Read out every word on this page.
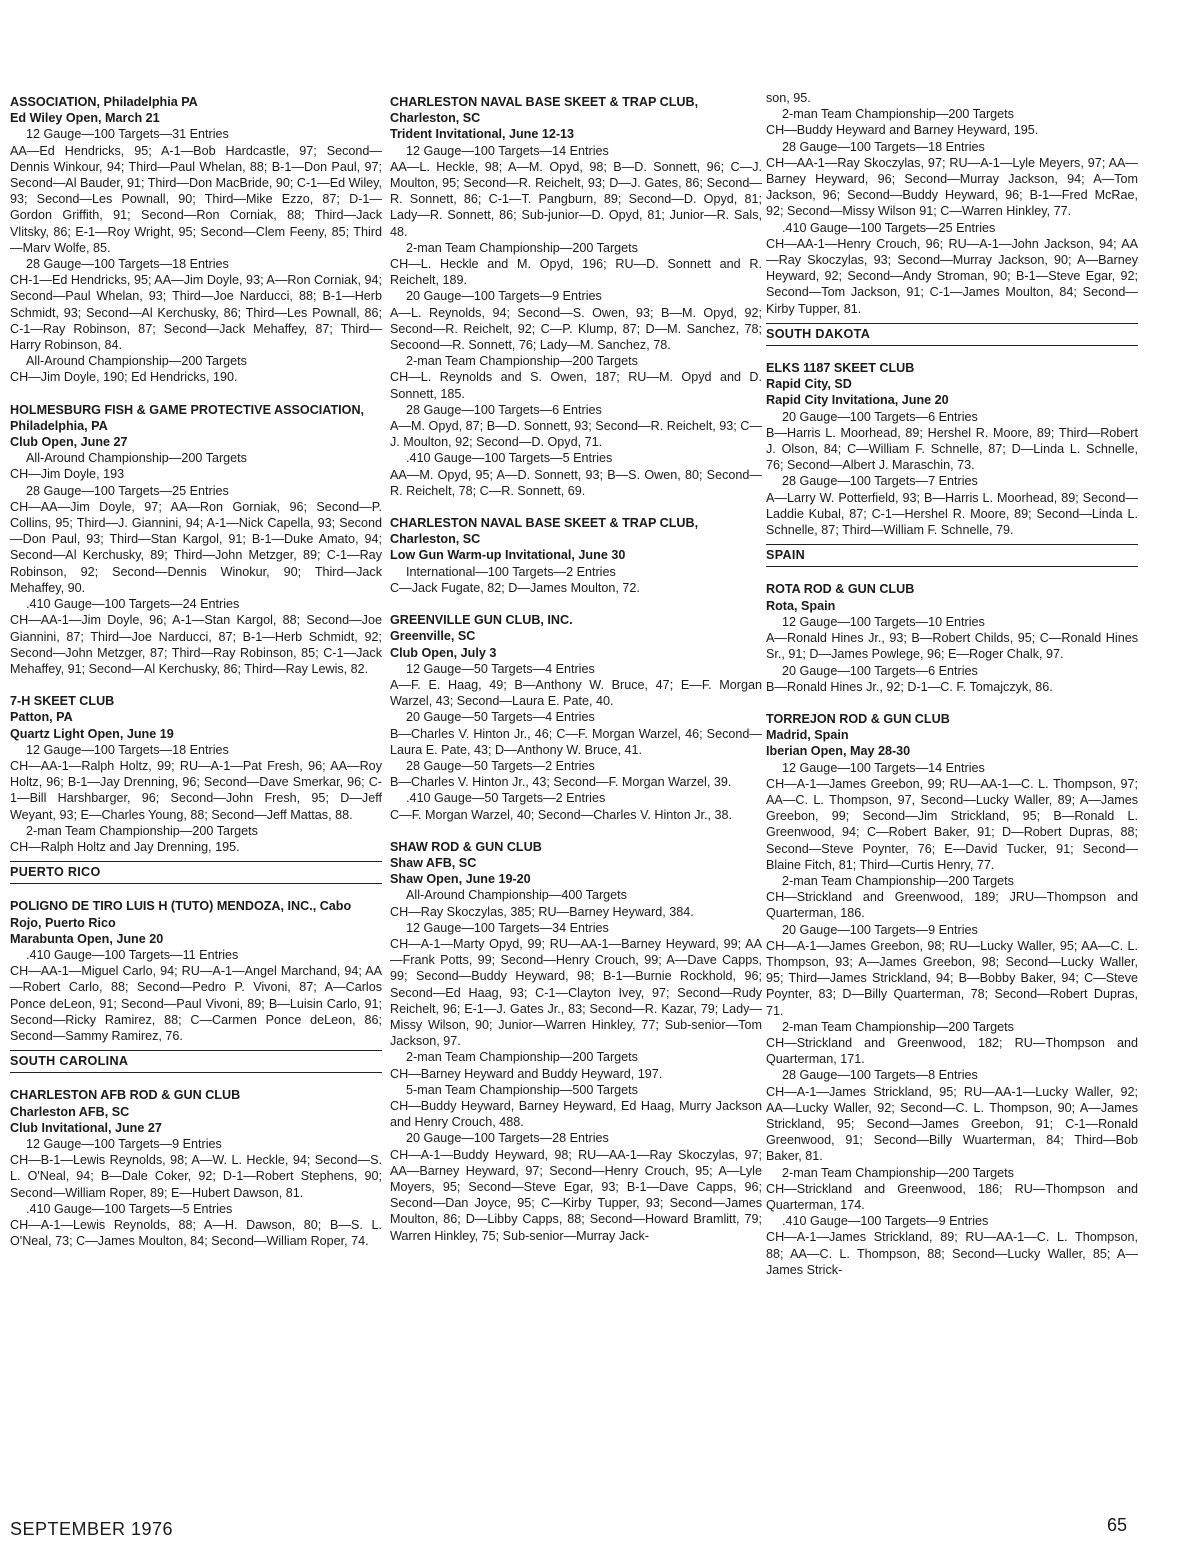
ASSOCIATION, Philadelphia PA

Ed Wiley Open, March 21

12 Gauge—100 Targets—31 Entries

AA—Ed Hendricks, 95; A-1—Bob Hardcastle, 97; Second—Dennis Winkour, 94; Third—Paul Whelan, 88; B-1—Don Paul, 97; Second—Al Bauder, 91; Third—Don MacBride, 90; C-1—Ed Wiley, 93; Second—Les Pownall, 90; Third—Mike Ezzo, 87; D-1—Gordon Griffith, 91; Second—Ron Corniak, 88; Third—Jack Vlitsky, 86; E-1—Roy Wright, 95; Second—Clem Feeny, 85; Third—Marv Wolfe, 85.

28 Gauge—100 Targets—18 Entries

CH-1—Ed Hendricks, 95; AA—Jim Doyle, 93; A—Ron Corniak, 94; Second—Paul Whelan, 93; Third—Joe Narducci, 88; B-1—Herb Schmidt, 93; Second—Al Kerchusky, 86; Third—Les Pownall, 86; C-1—Ray Robinson, 87; Second—Jack Mehaffey, 87; Third—Harry Robinson, 84.

All-Around Championship—200 Targets

CH—Jim Doyle, 190; Ed Hendricks, 190.

HOLMESBURG FISH & GAME PROTECTIVE ASSOCIATION, Philadelphia, PA

Club Open, June 27

All-Around Championship—200 Targets

CH—Jim Doyle, 193

28 Gauge—100 Targets—25 Entries

CH—AA—Jim Doyle, 97; AA—Ron Gorniak, 96; Second—P. Collins, 95; Third—J. Giannini, 94; A-1—Nick Capella, 93; Second—Don Paul, 93; Third—Stan Kargol, 91; B-1—Duke Amato, 94; Second—Al Kerchusky, 89; Third—John Metzger, 89; C-1—Ray Robinson, 92; Second—Dennis Winokur, 90; Third—Jack Mehaffey, 90.

.410 Gauge—100 Targets—24 Entries

CH—AA-1—Jim Doyle, 96; A-1—Stan Kargol, 88; Second—Joe Giannini, 87; Third—Joe Narducci, 87; B-1—Herb Schmidt, 92; Second—John Metzger, 87; Third—Ray Robinson, 85; C-1—Jack Mehaffey, 91; Second—Al Kerchusky, 86; Third—Ray Lewis, 82.

7-H SKEET CLUB

Patton, PA

Quartz Light Open, June 19

12 Gauge—100 Targets—18 Entries

CH—AA-1—Ralph Holtz, 99; RU—A-1—Pat Fresh, 96; AA—Roy Holtz, 96; B-1—Jay Drenning, 96; Second—Dave Smerkar, 96; C-1—Bill Harshbarger, 96; Second—John Fresh, 95; D—Jeff Weyant, 93; E—Charles Young, 88; Second—Jeff Mattas, 88.

2-man Team Championship—200 Targets

CH—Ralph Holtz and Jay Drenning, 195.

PUERTO RICO

POLIGNO DE TIRO LUIS H (TUTO) MENDOZA, INC., Cabo Rojo, Puerto Rico

Marabunta Open, June 20

.410 Gauge—100 Targets—11 Entries

CH—AA-1—Miguel Carlo, 94; RU—A-1—Angel Marchand, 94; AA—Robert Carlo, 88; Second—Pedro P. Vivoni, 87; A—Carlos Ponce deLeon, 91; Second—Paul Vivoni, 89; B—Luisin Carlo, 91; Second—Ricky Ramirez, 88; C—Carmen Ponce deLeon, 86; Second—Sammy Ramirez, 76.

SOUTH CAROLINA

CHARLESTON AFB ROD & GUN CLUB

Charleston AFB, SC

Club Invitational, June 27

12 Gauge—100 Targets—9 Entries

CH—B-1—Lewis Reynolds, 98; A—W. L. Heckle, 94; Second—S. L. O'Neal, 94; B—Dale Coker, 92; D-1—Robert Stephens, 90; Second—William Roper, 89; E—Hubert Dawson, 81.

.410 Gauge—100 Targets—5 Entries

CH—A-1—Lewis Reynolds, 88; A—H. Dawson, 80; B—S. L. O'Neal, 73; C—James Moulton, 84; Second—William Roper, 74.

CHARLESTON NAVAL BASE SKEET & TRAP CLUB, Charleston, SC

Trident Invitational, June 12-13

12 Gauge—100 Targets—14 Entries

AA—L. Heckle, 98; A—M. Opyd, 98; B—D. Sonnett, 96; C—J. Moulton, 95; Second—R. Reichelt, 93; D—J. Gates, 86; Second—R. Sonnett, 86; C-1—T. Pangburn, 89; Second—D. Opyd, 81; Lady—R. Sonnett, 86; Sub-junior—D. Opyd, 81; Junior—R. Sals, 48.

2-man Team Championship—200 Targets

CH—L. Heckle and M. Opyd, 196; RU—D. Sonnett and R. Reichelt, 189.

20 Gauge—100 Targets—9 Entries

A—L. Reynolds, 94; Second—S. Owen, 93; B—M. Opyd, 92; Second—R. Reichelt, 92; C—P. Klump, 87; D—M. Sanchez, 78; Secoond—R. Sonnett, 76; Lady—M. Sanchez, 78.

2-man Team Championship—200 Targets

CH—L. Reynolds and S. Owen, 187; RU—M. Opyd and D. Sonnett, 185.

28 Gauge—100 Targets—6 Entries

A—M. Opyd, 87; B—D. Sonnett, 93; Second—R. Reichelt, 93; C—J. Moulton, 92; Second—D. Opyd, 71.

.410 Gauge—100 Targets—5 Entries

AA—M. Opyd, 95; A—D. Sonnett, 93; B—S. Owen, 80; Second—R. Reichelt, 78; C—R. Sonnett, 69.

CHARLESTON NAVAL BASE SKEET & TRAP CLUB, Charleston, SC

Low Gun Warm-up Invitational, June 30

International—100 Targets—2 Entries

C—Jack Fugate, 82; D—James Moulton, 72.

GREENVILLE GUN CLUB, INC.

Greenville, SC

Club Open, July 3

12 Gauge—50 Targets—4 Entries

A—F. E. Haag, 49; B—Anthony W. Bruce, 47; E—F. Morgan Warzel, 43; Second—Laura E. Pate, 40.

20 Gauge—50 Targets—4 Entries

B—Charles V. Hinton Jr., 46; C—F. Morgan Warzel, 46; Second—Laura E. Pate, 43; D—Anthony W. Bruce, 41.

28 Gauge—50 Targets—2 Entries

B—Charles V. Hinton Jr., 43; Second—F. Morgan Warzel, 39.

.410 Gauge—50 Targets—2 Entries

C—F. Morgan Warzel, 40; Second—Charles V. Hinton Jr., 38.

SHAW ROD & GUN CLUB

Shaw AFB, SC

Shaw Open, June 19-20

All-Around Championship—400 Targets

CH—Ray Skoczylas, 385; RU—Barney Heyward, 384.

12 Gauge—100 Targets—34 Entries

CH—A-1—Marty Opyd, 99; RU—AA-1—Barney Heyward, 99; AA—Frank Potts, 99; Second—Henry Crouch, 99; A—Dave Capps, 99; Second—Buddy Heyward, 98; B-1—Burnie Rockhold, 96; Second—Ed Haag, 93; C-1—Clayton Ivey, 97; Second—Rudy Reichelt, 96; E-1—J. Gates Jr., 83; Second—R. Kazar, 79; Lady—Missy Wilson, 90; Junior—Warren Hinkley, 77; Sub-senior—Tom Jackson, 97.

2-man Team Championship—200 Targets

CH—Barney Heyward and Buddy Heyward, 197.

5-man Team Championship—500 Targets

CH—Buddy Heyward, Barney Heyward, Ed Haag, Murry Jackson and Henry Crouch, 488.

20 Gauge—100 Targets—28 Entries

CH—A-1—Buddy Heyward, 98; RU—AA-1—Ray Skoczylas, 97; AA—Barney Heyward, 97; Second—Henry Crouch, 95; A—Lyle Moyers, 95; Second—Steve Egar, 93; B-1—Dave Capps, 96; Second—Dan Joyce, 95; C—Kirby Tupper, 93; Second—James Moulton, 86; D—Libby Capps, 88; Second—Howard Bramlitt, 79; Warren Hinkley, 75; Sub-senior—Murray Jack-

son, 95.

2-man Team Championship—200 Targets

CH—Buddy Heyward and Barney Heyward, 195.

28 Gauge—100 Targets—18 Entries

CH—AA-1—Ray Skoczylas, 97; RU—A-1—Lyle Meyers, 97; AA—Barney Heyward, 96; Second—Murray Jackson, 94; A—Tom Jackson, 96; Second—Buddy Heyward, 96; B-1—Fred McRae, 92; Second—Missy Wilson 91; C—Warren Hinkley, 77.

.410 Gauge—100 Targets—25 Entries

CH—AA-1—Henry Crouch, 96; RU—A-1—John Jackson, 94; AA—Ray Skoczylas, 93; Second—Murray Jackson, 90; A—Barney Heyward, 92; Second—Andy Stroman, 90; B-1—Steve Egar, 92; Second—Tom Jackson, 91; C-1—James Moulton, 84; Second—Kirby Tupper, 81.

SOUTH DAKOTA

ELKS 1187 SKEET CLUB

Rapid City, SD

Rapid City Invitationa, June 20

20 Gauge—100 Targets—6 Entries

B—Harris L. Moorhead, 89; Hershel R. Moore, 89; Third—Robert J. Olson, 84; C—William F. Schnelle, 87; D—Linda L. Schnelle, 76; Second—Albert J. Maraschin, 73.

28 Gauge—100 Targets—7 Entries

A—Larry W. Potterfield, 93; B—Harris L. Moorhead, 89; Second—Laddie Kubal, 87; C-1—Hershel R. Moore, 89; Second—Linda L. Schnelle, 87; Third—William F. Schnelle, 79.

SPAIN

ROTA ROD & GUN CLUB

Rota, Spain

12 Gauge—100 Targets—10 Entries

A—Ronald Hines Jr., 93; B—Robert Childs, 95; C—Ronald Hines Sr., 91; D—James Powlege, 96; E—Roger Chalk, 97.

20 Gauge—100 Targets—6 Entries

B—Ronald Hines Jr., 92; D-1—C. F. Tomajczyk, 86.

TORREJON ROD & GUN CLUB

Madrid, Spain

Iberian Open, May 28-30

12 Gauge—100 Targets—14 Entries

CH—A-1—James Greebon, 99; RU—AA-1—C. L. Thompson, 97; AA—C. L. Thompson, 97, Second—Lucky Waller, 89; A—James Greebon, 99; Second—Jim Strickland, 95; B—Ronald L. Greenwood, 94; C—Robert Baker, 91; D—Robert Dupras, 88; Second—Steve Poynter, 76; E—David Tucker, 91; Second—Blaine Fitch, 81; Third—Curtis Henry, 77.

2-man Team Championship—200 Targets

CH—Strickland and Greenwood, 189; JRU—Thompson and Quarterman, 186.

20 Gauge—100 Targets—9 Entries

CH—A-1—James Greebon, 98; RU—Lucky Waller, 95; AA—C. L. Thompson, 93; A—James Greebon, 98; Second—Lucky Waller, 95; Third—James Strickland, 94; B—Bobby Baker, 94; C—Steve Poynter, 83; D—Billy Quarterman, 78; Second—Robert Dupras, 71.

2-man Team Championship—200 Targets

CH—Strickland and Greenwood, 182; RU—Thompson and Quarterman, 171.

28 Gauge—100 Targets—8 Entries

CH—A-1—James Strickland, 95; RU—AA-1—Lucky Waller, 92; AA—Lucky Waller, 92; Second—C. L. Thompson, 90; A—James Strickland, 95; Second—James Greebon, 91; C-1—Ronald Greenwood, 91; Second—Billy Wuarterman, 84; Third—Bob Baker, 81.

2-man Team Championship—200 Targets

CH—Strickland and Greenwood, 186; RU—Thompson and Quarterman, 174.

.410 Gauge—100 Targets—9 Entries

CH—A-1—James Strickland, 89; RU—AA-1—C. L. Thompson, 88; AA—C. L. Thompson, 88; Second—Lucky Waller, 85; A—James Strick-

SEPTEMBER 1976	65
